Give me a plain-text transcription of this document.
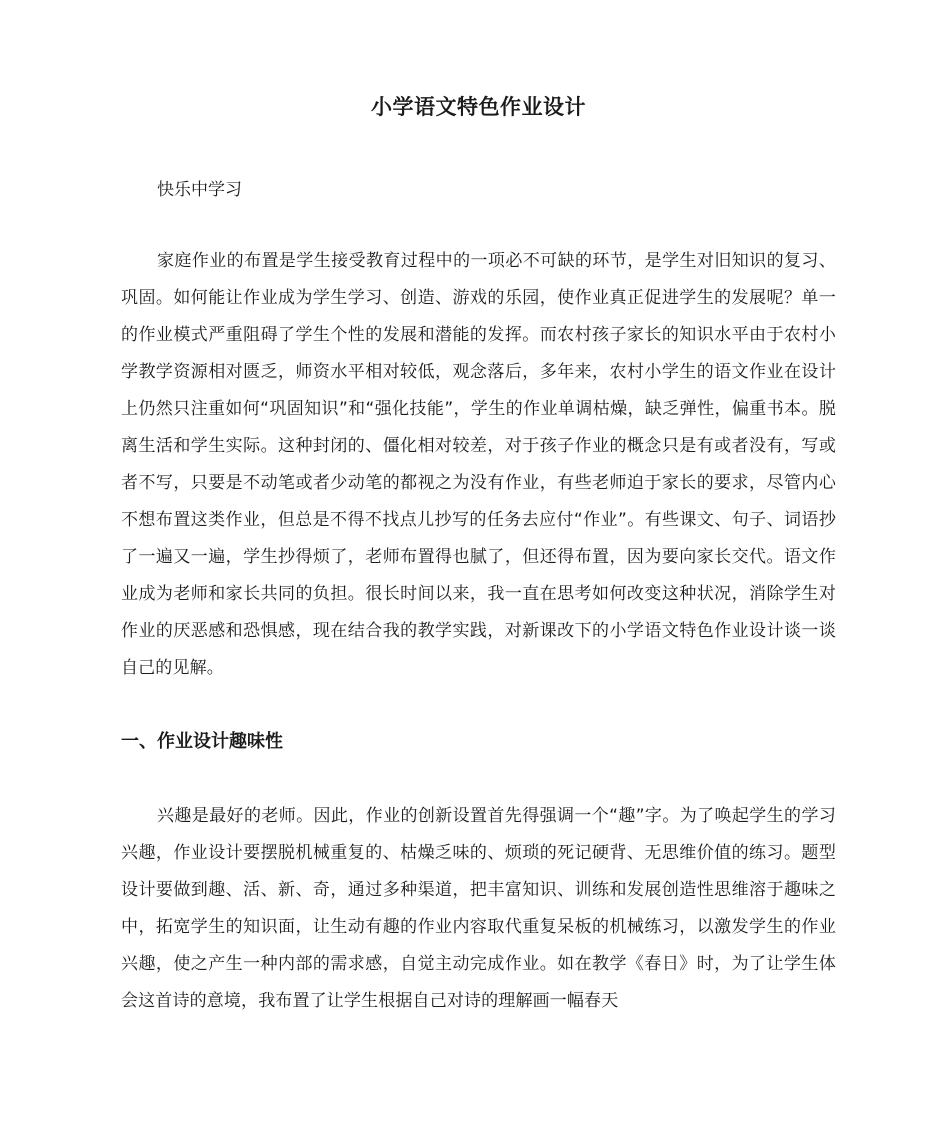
小学语文特色作业设计
快乐中学习

家庭作业的布置是学生接受教育过程中的一项必不可缺的环节，是学生对旧知识的复习、巩固。如何能让作业成为学生学习、创造、游戏的乐园，使作业真正促进学生的发展呢？单一的作业模式严重阻碍了学生个性的发展和潜能的发挥。而农村孩子家长的知识水平由于农村小学教学资源相对匮乏，师资水平相对较低，观念落后，多年来，农村小学生的语文作业在设计上仍然只注重如何“巩固知识”和“强化技能”，学生的作业单调枯燥，缺乏弹性，偏重书本。脱离生活和学生实际。这种封闭的、僵化相对较差，对于孩子作业的概念只是有或者没有，写或者不写，只要是不动笔或者少动笔的都视之为没有作业，有些老师迫于家长的要求，尽管内心不想布置这类作业，但总是不得不找点儿抄写的任务去应付“作业”。有些课文、句子、词语抄了一遍又一遍，学生抄得烦了，老师布置得也腻了，但还得布置，因为要向家长交代。语文作业成为老师和家长共同的负担。很长时间以来，我一直在思考如何改变这种状况，消除学生对作业的厌恶感和恐惧感，现在结合我的教学实践，对新课改下的小学语文特色作业设计谈一谈自己的见解。

一、作业设计趣味性

兴趣是最好的老师。因此，作业的创新设置首先得强调一个“趣”字。为了唤起学生的学习兴趣，作业设计要摆脱机械重复的、枯燥乏味的、烦琐的死记硬背、无思维价值的练习。题型设计要做到趣、活、新、奇，通过多种渠道，把丰富知识、训练和发展创造性思维溶于趣味之中，拓宽学生的知识面，让生动有趣的作业内容取代重复呆板的机械练习，以激发学生的作业兴趣，使之产生一种内部的需求感，自觉主动完成作业。如在教学《春日》时，为了让学生体会这首诗的意境，我布置了让学生根据自己对诗的理解画一幅春天
